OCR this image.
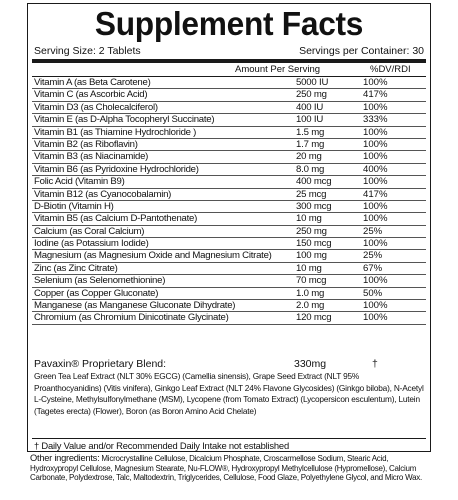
Supplement Facts
Serving Size: 2 Tablets	Servings per Container: 30
Amount Per Serving	%DV/RDI
Vitamin A (as Beta Carotene)	5000 IU	100%
Vitamin C (as Ascorbic Acid)	250 mg	417%
Vitamin D3 (as Cholecalciferol)	400 IU	100%
Vitamin E (as D-Alpha Tocopheryl Succinate)	100 IU	333%
Vitamin B1 (as Thiamine Hydrochloride )	1.5 mg	100%
Vitamin B2 (as Riboflavin)	1.7 mg	100%
Vitamin B3 (as Niacinamide)	20 mg	100%
Vitamin B6 (as Pyridoxine Hydrochloride)	8.0 mg	400%
Folic Acid (Vitamin B9)	400 mcg	100%
Vitamin B12 (as Cyanocobalamin)	25 mcg	417%
D-Biotin (Vitamin H)	300 mcg	100%
Vitamin B5 (as Calcium D-Pantothenate)	10 mg	100%
Calcium (as Coral Calcium)	250 mg	25%
Iodine (as Potassium Iodide)	150 mcg	100%
Magnesium (as Magnesium Oxide and Magnesium Citrate)	100 mg	25%
Zinc (as Zinc Citrate)	10 mg	67%
Selenium (as Selenomethionine)	70 mcg	100%
Copper (as Copper Gluconate)	1.0 mg	50%
Manganese (as Manganese Gluconate Dihydrate)	2.0 mg	100%
Chromium (as Chromium Dinicotinate Glycinate)	120 mcg	100%
Pavaxin® Proprietary Blend:	330mg	†
Green Tea Leaf Extract (NLT 30% EGCG) (Camellia sinensis), Grape Seed Extract (NLT 95% Proanthocyanidins) (Vitis vinifera), Ginkgo Leaf Extract (NLT 24% Flavone Glycosides) (Ginkgo biloba), N-Acetyl L-Cysteine, Methylsulfonylmethane (MSM), Lycopene (from Tomato Extract) (Lycopersicon esculentum), Lutein (Tagetes erecta) (Flower), Boron (as Boron Amino Acid Chelate)
† Daily Value and/or Recommended Daily Intake not established
Other ingredients: Microcrystalline Cellulose, Dicalcium Phosphate, Croscarmellose Sodium, Stearic Acid, Hydroxypropyl Cellulose, Magnesium Stearate, Nu-FLOW®, Hydroxypropyl Methylcellulose (Hypromellose), Calcium Carbonate, Polydextrose, Talc, Maltodextrin, Triglycerides, Cellulose, Food Glaze, Polyethylene Glycol, and Micro Wax.
